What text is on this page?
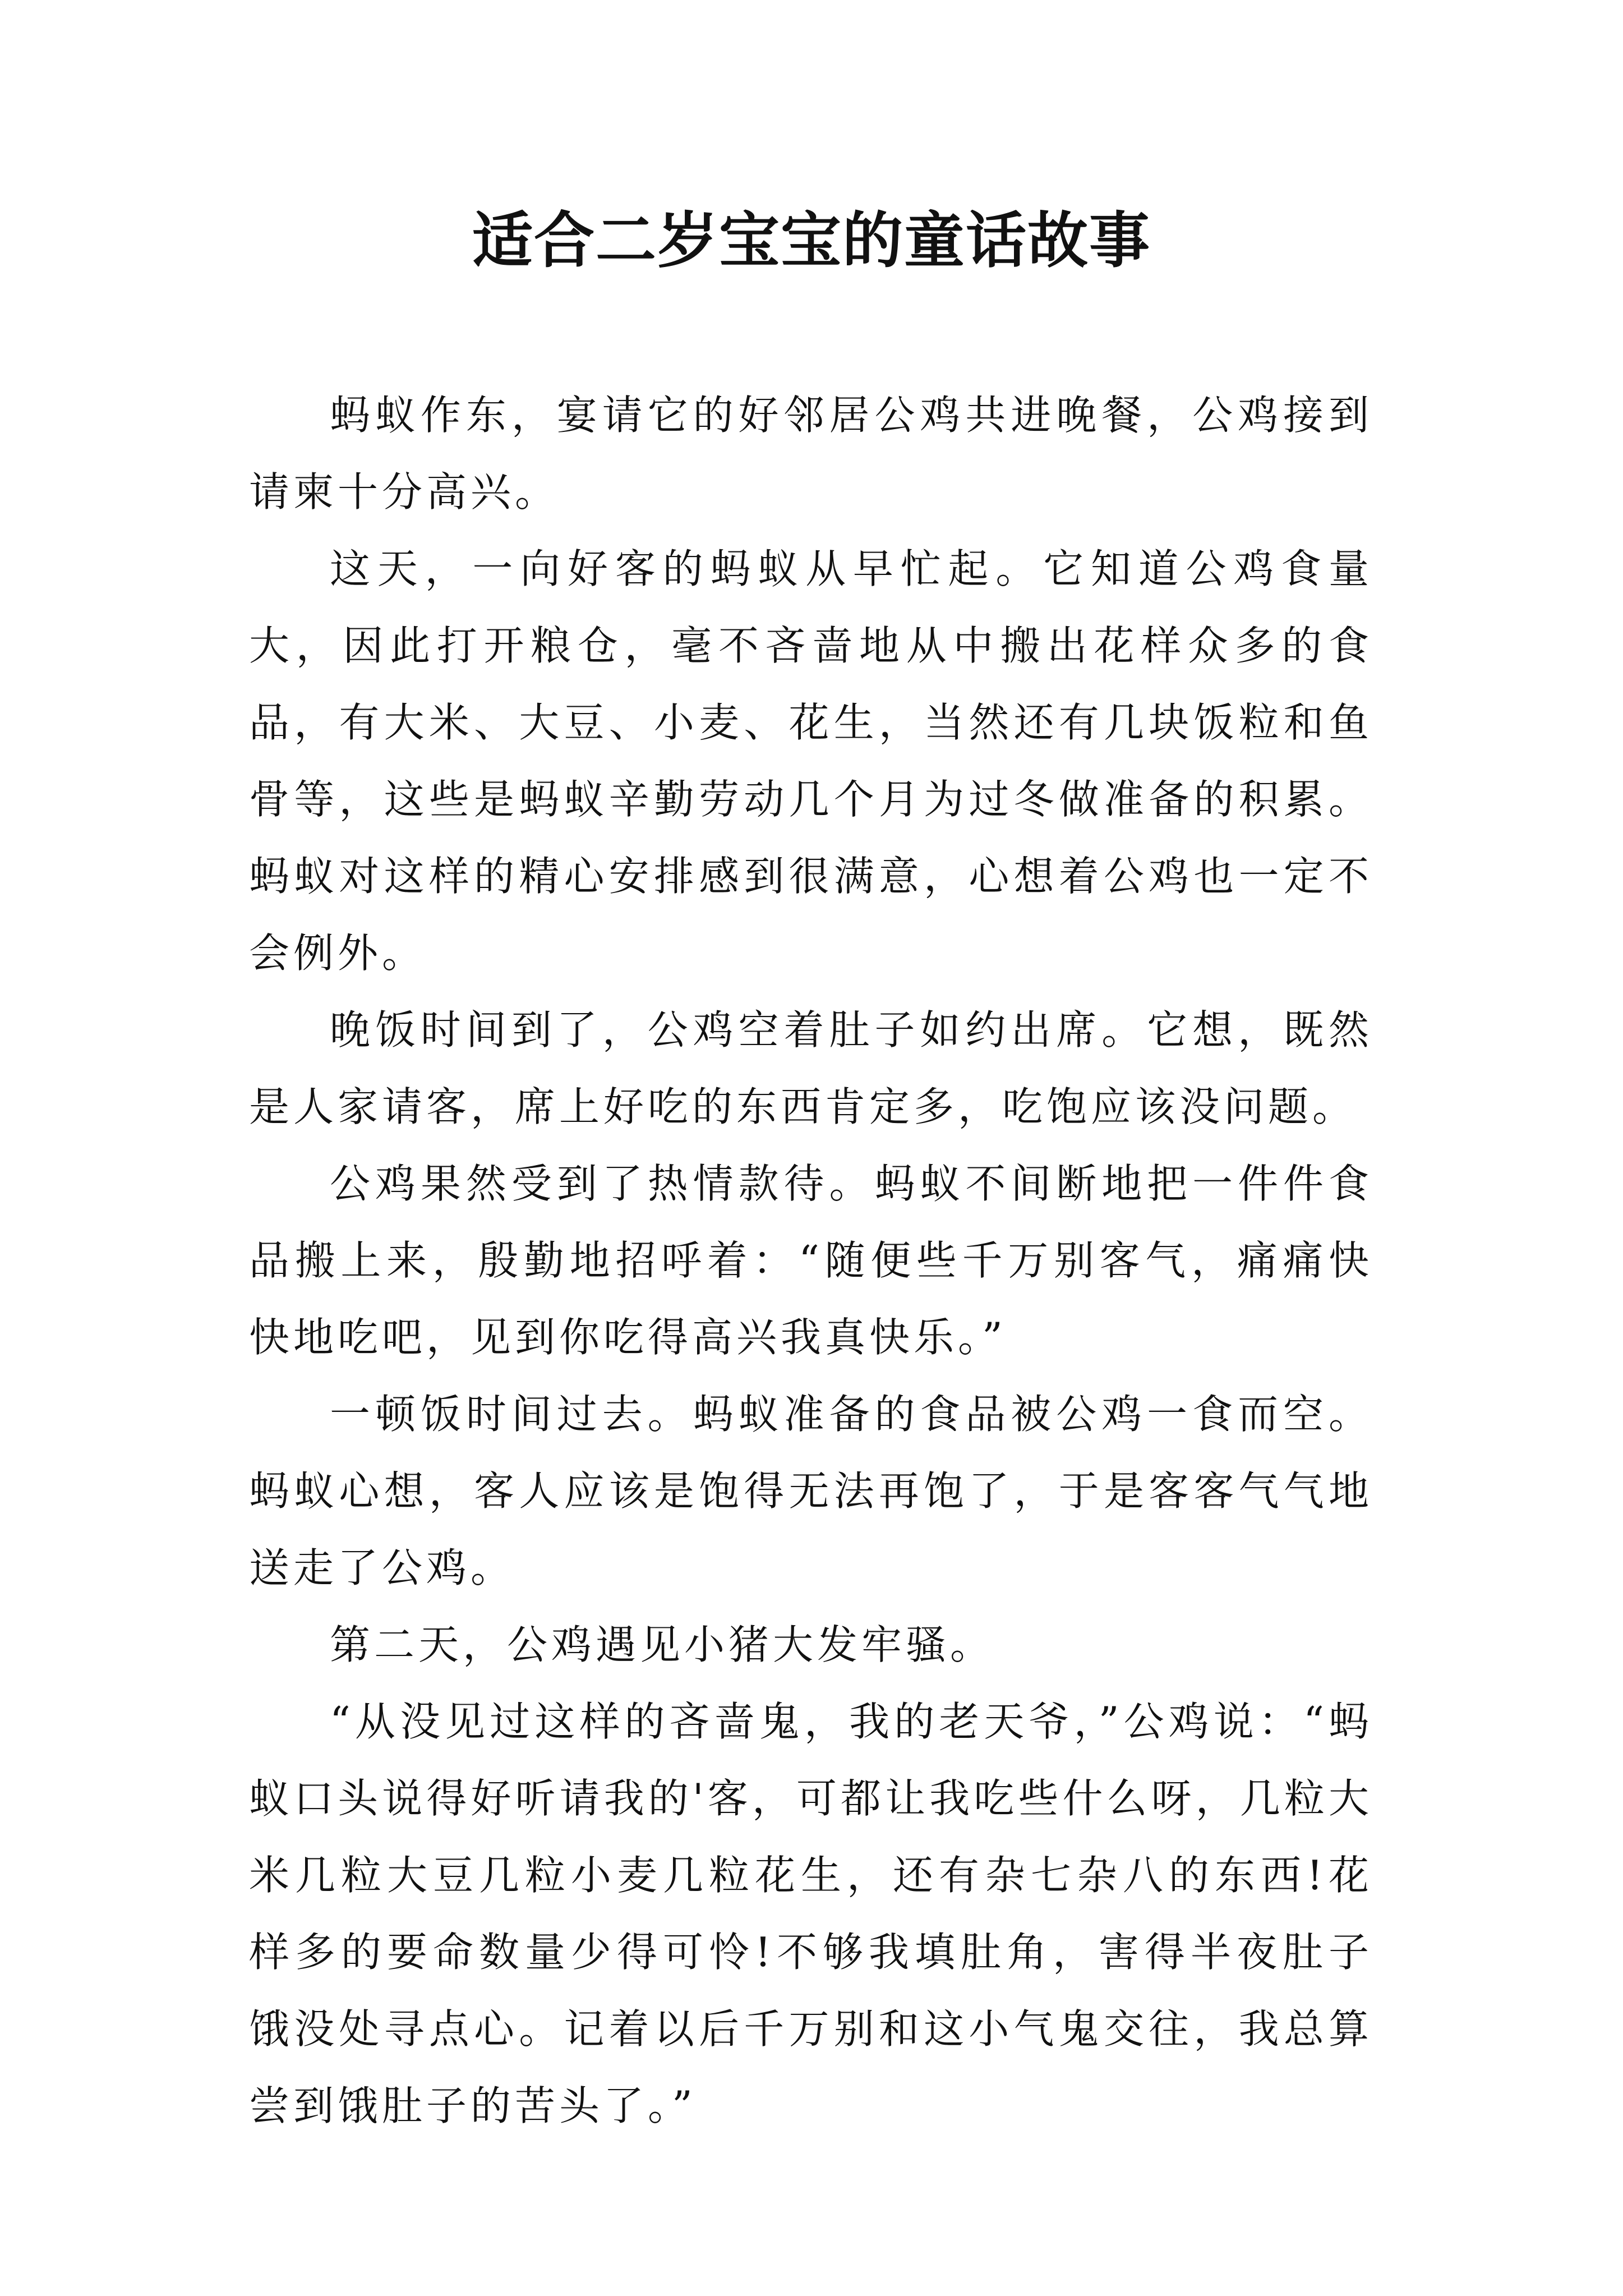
适合二岁宝宝的童话故事

蚂蚁作东，宴请它的好邻居公鸡共进晚餐，公鸡接到请柬十分高兴。

这天，一向好客的蚂蚁从早忙起。它知道公鸡食量大，因此打开粮仓，毫不吝啬地从中搬出花样众多的食品，有大米、大豆、小麦、花生，当然还有几块饭粒和鱼骨等，这些是蚂蚁辛勤劳动几个月为过冬做准备的积累。蚂蚁对这样的精心安排感到很满意，心想着公鸡也一定不会例外。

晚饭时间到了，公鸡空着肚子如约出席。它想，既然是人家请客，席上好吃的东西肯定多，吃饱应该没问题。

公鸡果然受到了热情款待。蚂蚁不间断地把一件件食品搬上来，殷勤地招呼着：“随便些千万别客气，痛痛快快地吃吧，见到你吃得高兴我真快乐。”

一顿饭时间过去。蚂蚁准备的食品被公鸡一食而空。蚂蚁心想，客人应该是饱得无法再饱了，于是客客气气地送走了公鸡。

第二天，公鸡遇见小猪大发牢骚。

“从没见过这样的吝啬鬼，我的老天爷，”公鸡说：“蚂蚁口头说得好听请我的'客，可都让我吃些什么呀，几粒大米几粒大豆几粒小麦几粒花生，还有杂七杂八的东西!花样多的要命数量少得可怜!不够我填肚角，害得半夜肚子饿没处寻点心。记着以后千万别和这小气鬼交往，我总算尝到饿肚子的苦头了。”
